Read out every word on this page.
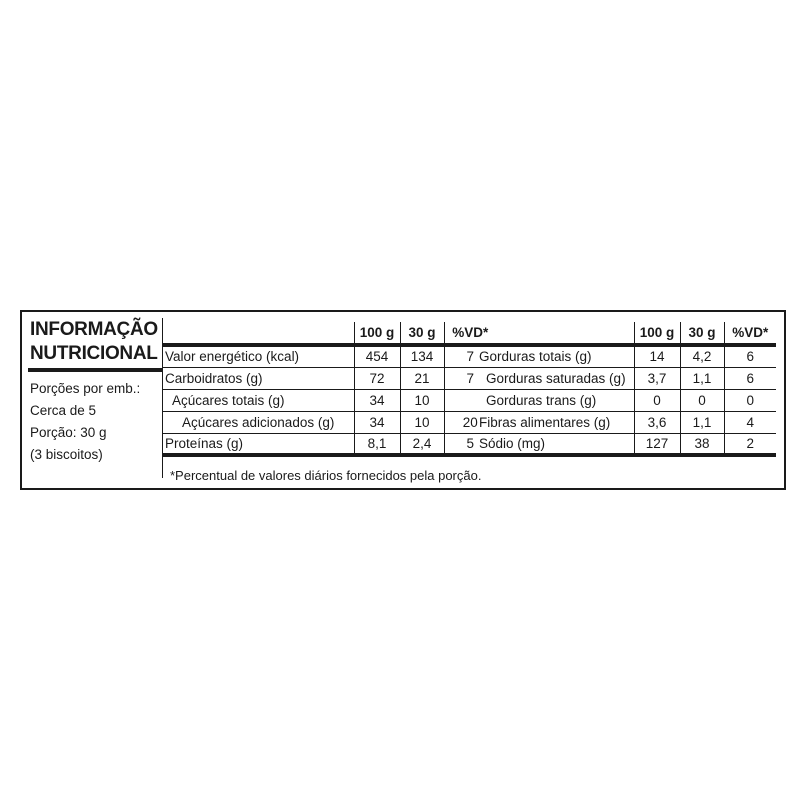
INFORMAÇÃO
NUTRICIONAL
Porções por emb.:
Cerca de 5
Porção: 30 g
(3 biscoitos)
	100 g	30 g	%VD*
Valor energético (kcal)	454	134	7
Carboidratos (g)	72	21	7
Açúcares totais (g)	34	10	
Açúcares adicionados (g)	34	10	20
Proteínas (g)	8,1	2,4	5
	100 g	30 g	%VD*
Gorduras totais (g)	14	4,2	6
Gorduras saturadas (g)	3,7	1,1	6
Gorduras trans (g)	0	0	0
Fibras alimentares (g)	3,6	1,1	4
Sódio (mg)	127	38	2
*Percentual de valores diários fornecidos pela porção.
